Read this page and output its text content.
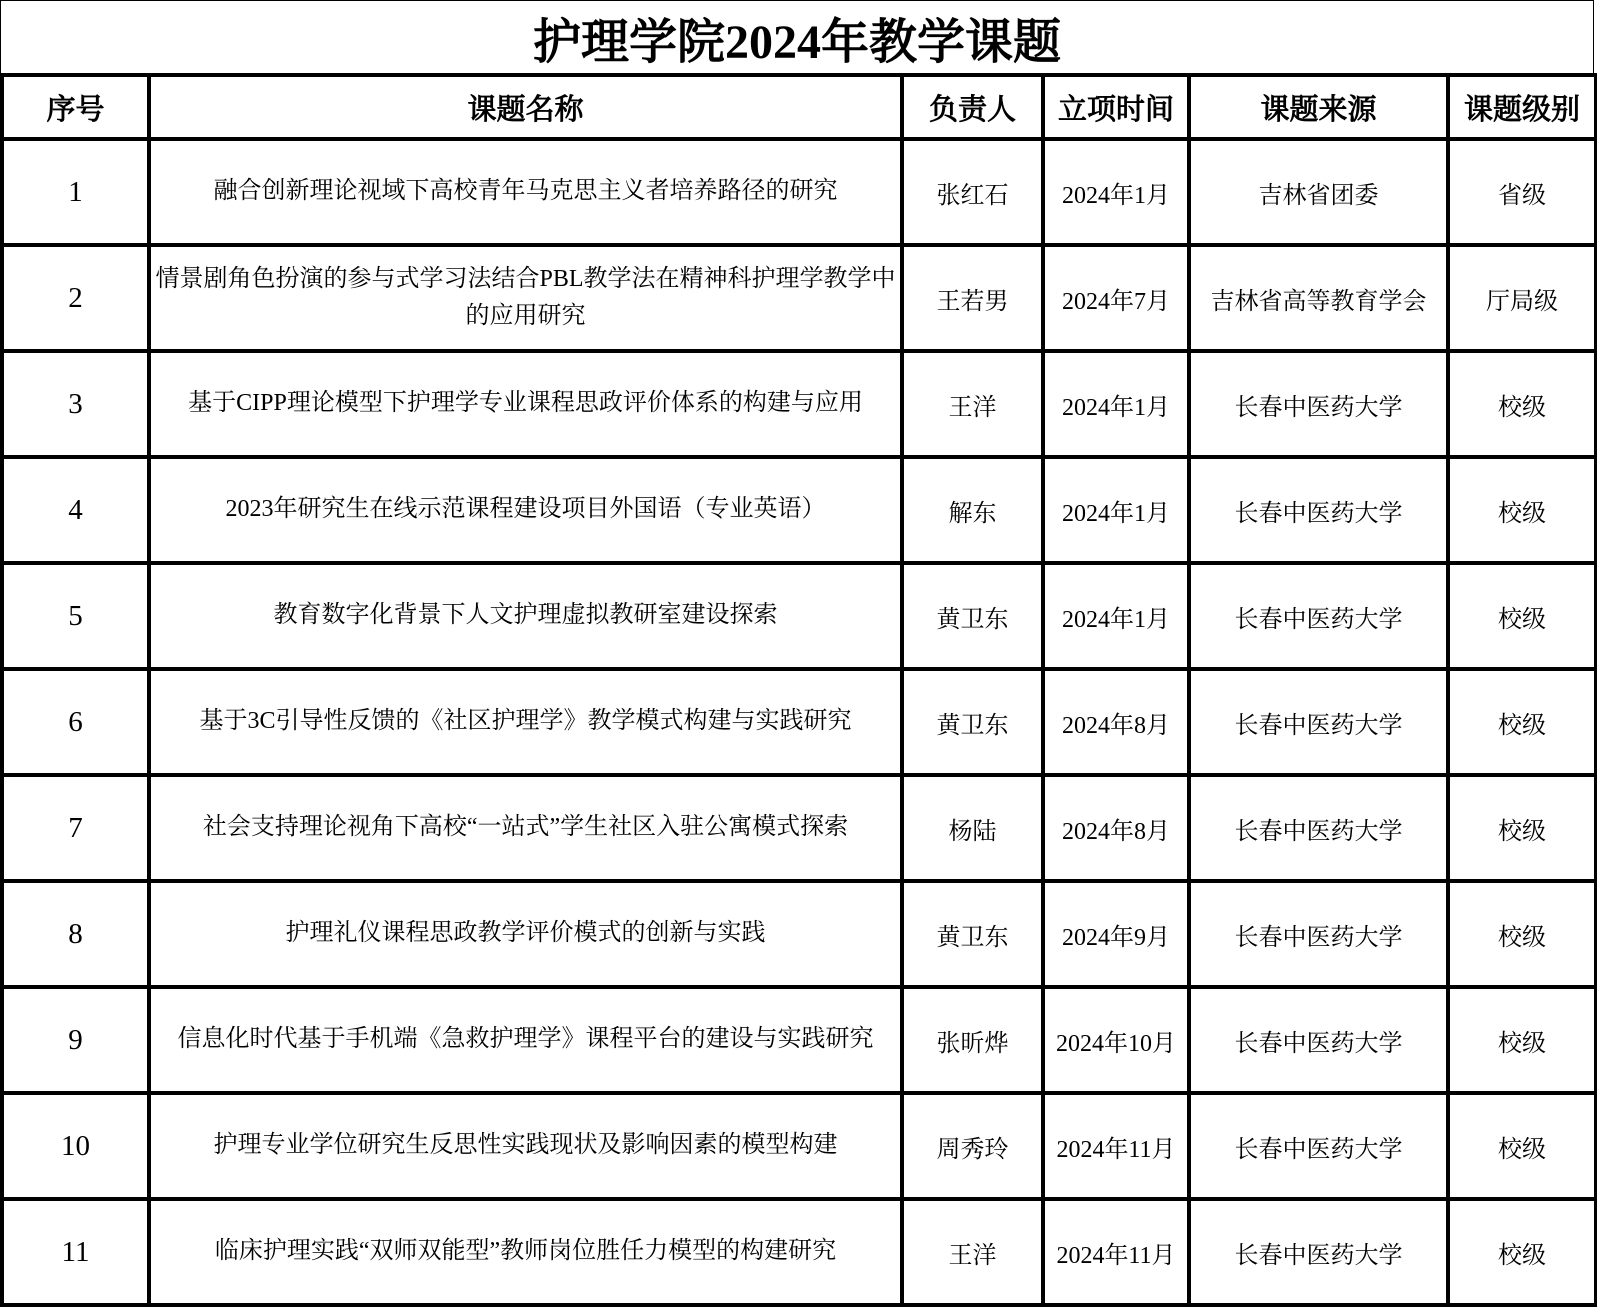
护理学院2024年教学课题
序号	课题名称	负责人	立项时间	课题来源	课题级别
1	融合创新理论视域下高校青年马克思主义者培养路径的研究	张红石	2024年1月	吉林省团委	省级
2	情景剧角色扮演的参与式学习法结合PBL教学法在精神科护理学教学中的应用研究	王若男	2024年7月	吉林省高等教育学会	厅局级
3	基于CIPP理论模型下护理学专业课程思政评价体系的构建与应用	王洋	2024年1月	长春中医药大学	校级
4	2023年研究生在线示范课程建设项目外国语（专业英语）	解东	2024年1月	长春中医药大学	校级
5	教育数字化背景下人文护理虚拟教研室建设探索	黄卫东	2024年1月	长春中医药大学	校级
6	基于3C引导性反馈的《社区护理学》教学模式构建与实践研究	黄卫东	2024年8月	长春中医药大学	校级
7	社会支持理论视角下高校“一站式”学生社区入驻公寓模式探索	杨陆	2024年8月	长春中医药大学	校级
8	护理礼仪课程思政教学评价模式的创新与实践	黄卫东	2024年9月	长春中医药大学	校级
9	信息化时代基于手机端《急救护理学》课程平台的建设与实践研究	张昕烨	2024年10月	长春中医药大学	校级
10	护理专业学位研究生反思性实践现状及影响因素的模型构建	周秀玲	2024年11月	长春中医药大学	校级
11	临床护理实践“双师双能型”教师岗位胜任力模型的构建研究	王洋	2024年11月	长春中医药大学	校级
